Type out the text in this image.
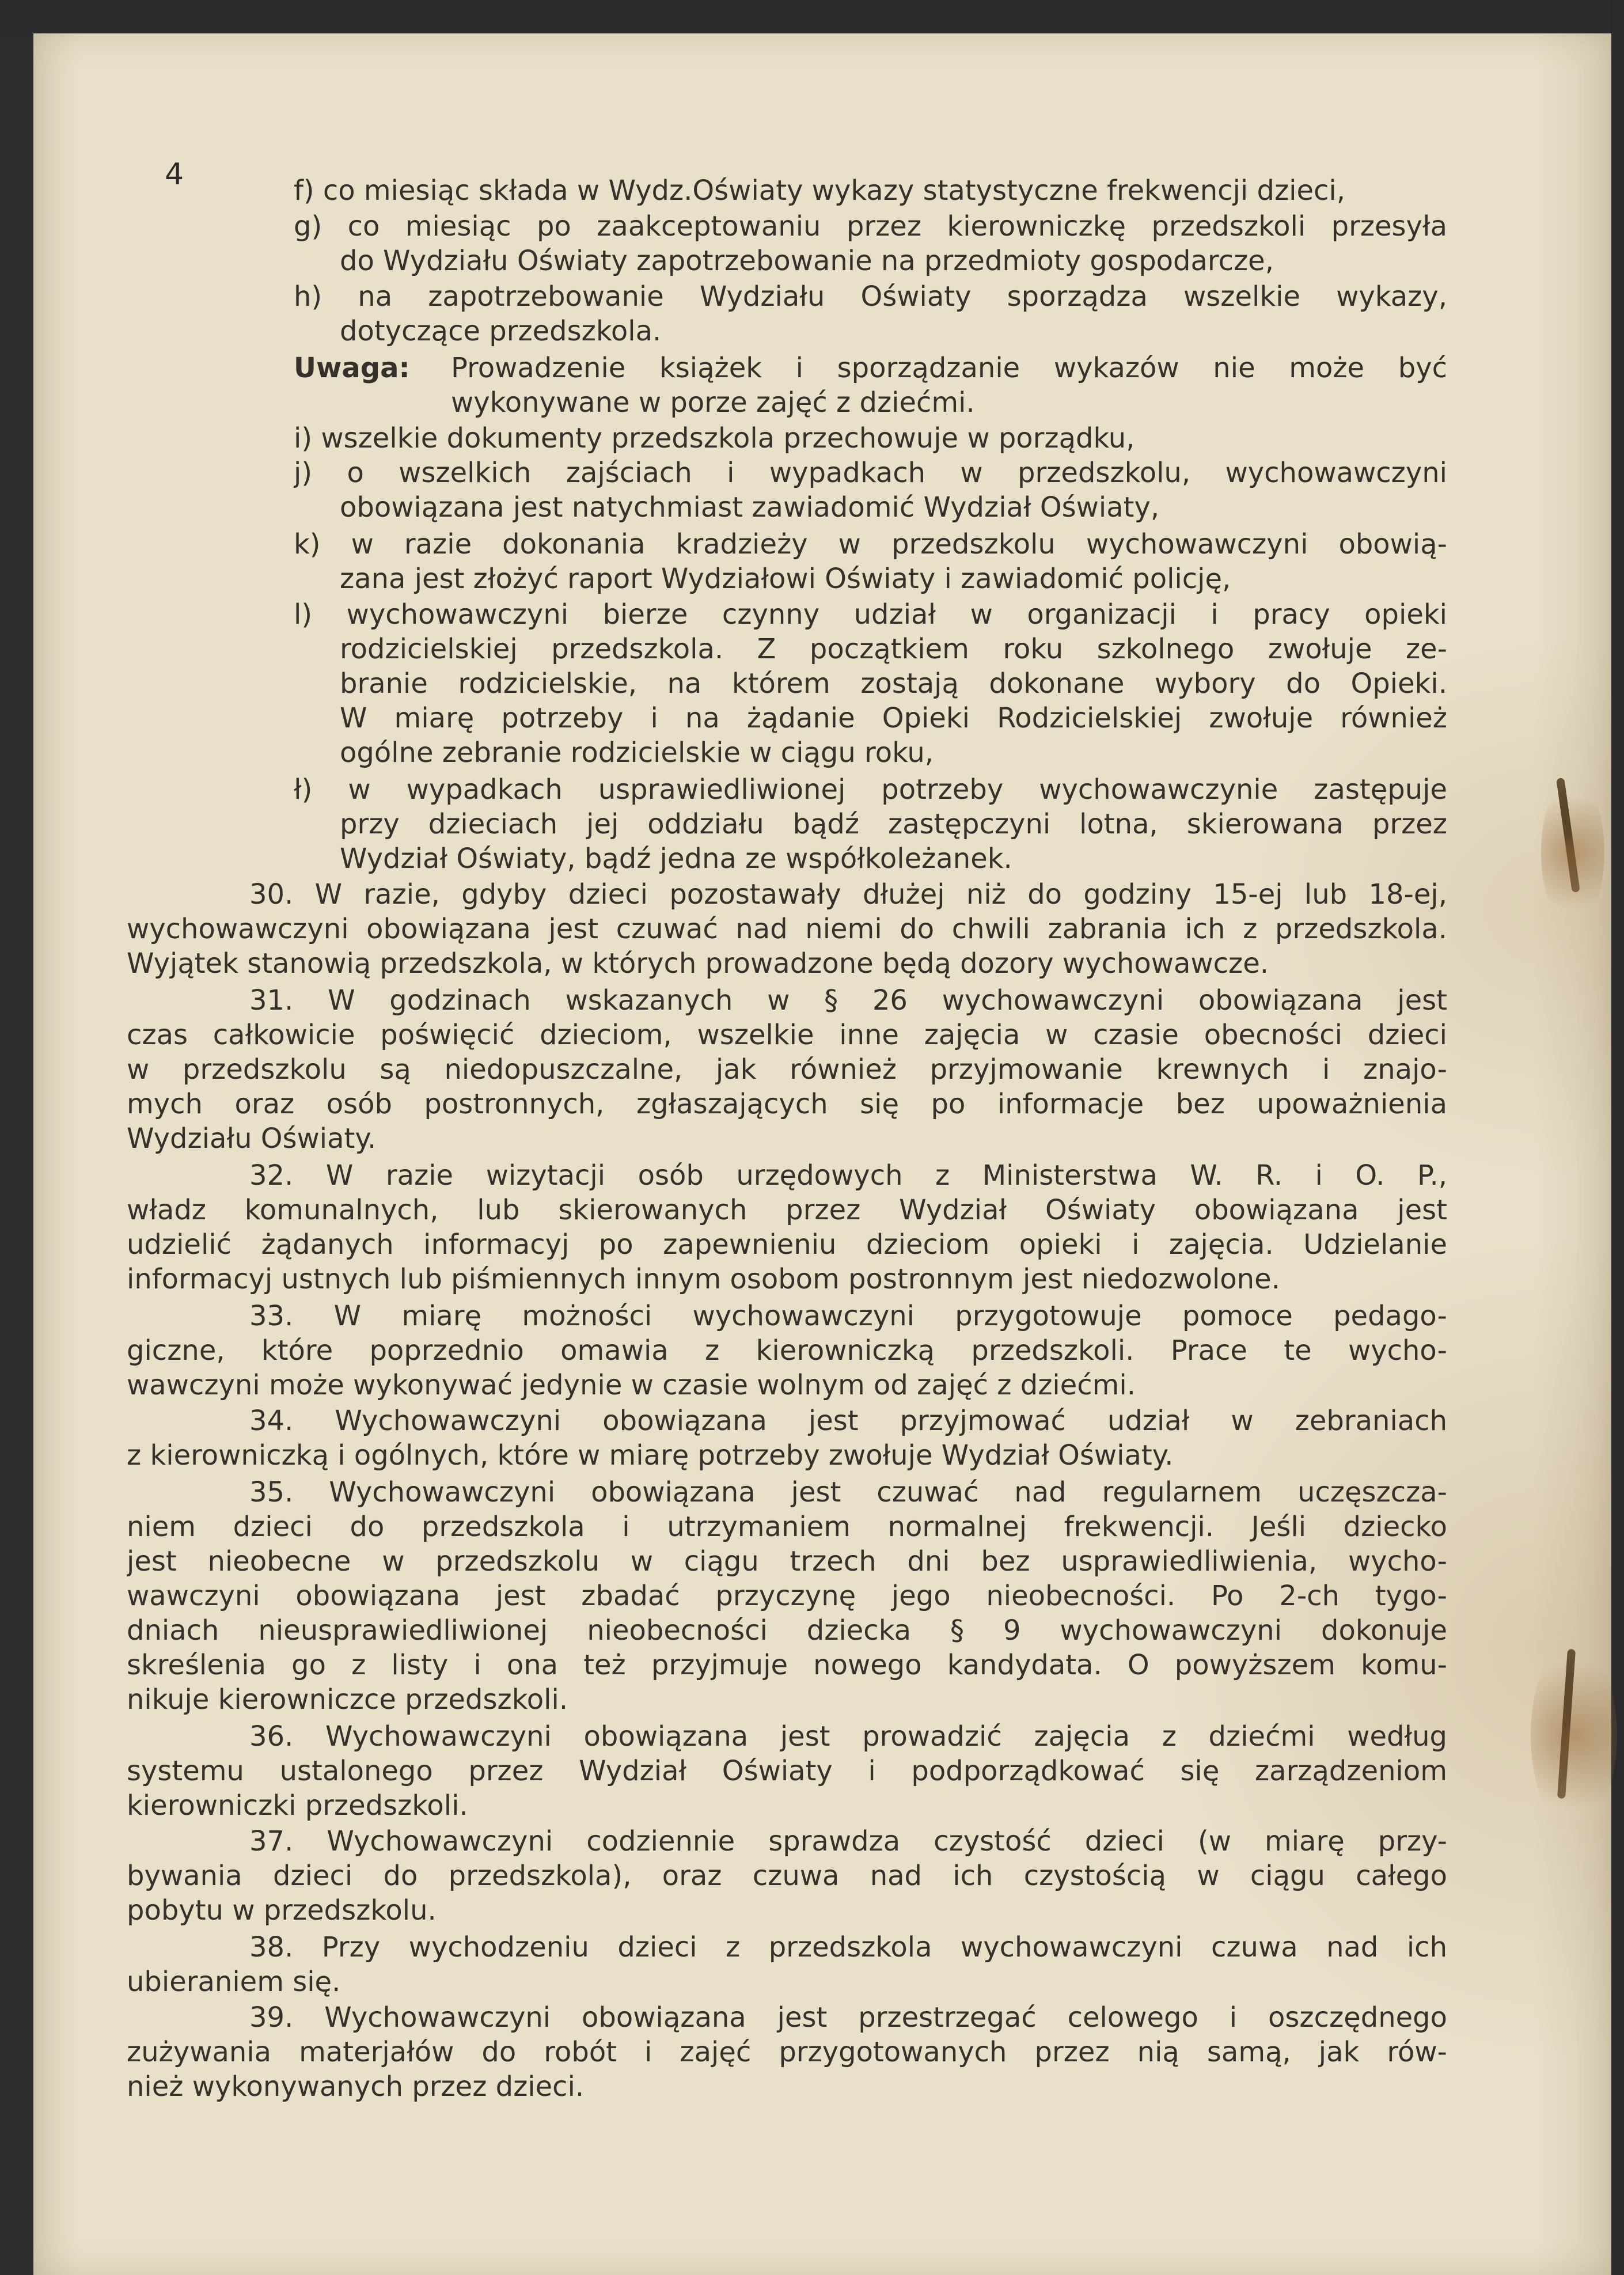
4	f) co miesiąc składa w Wydz.Oświaty wykazy statystyczne frekwencji dzieci,
g) co miesiąc po zaakceptowaniu przez kierowniczkę przedszkoli przesyła
do Wydziału Oświaty zapotrzebowanie na przedmioty gospodarcze,
h) na zapotrzebowanie Wydziału Oświaty sporządza wszelkie wykazy,
dotyczące przedszkola.
Uwaga: Prowadzenie książek i sporządzanie wykazów nie może być
wykonywane w porze zajęć z dziećmi.
i) wszelkie dokumenty przedszkola przechowuje w porządku,
j) o wszelkich zajściach i wypadkach w przedszkolu, wychowawczyni
obowiązana jest natychmiast zawiadomić Wydział Oświaty,
k) w razie dokonania kradzieży w przedszkolu wychowawczyni obowią-
zana jest złożyć raport Wydziałowi Oświaty i zawiadomić policję,
l) wychowawczyni bierze czynny udział w organizacji i pracy opieki
rodzicielskiej przedszkola. Z początkiem roku szkolnego zwołuje ze-
branie rodzicielskie, na którem zostają dokonane wybory do Opieki.
W miarę potrzeby i na żądanie Opieki Rodzicielskiej zwołuje również
ogólne zebranie rodzicielskie w ciągu roku,
ł) w wypadkach usprawiedliwionej potrzeby wychowawczynie zastępuje
przy dzieciach jej oddziału bądź zastępczyni lotna, skierowana przez
Wydział Oświaty, bądź jedna ze współkoleżanek.
30. W razie, gdyby dzieci pozostawały dłużej niż do godziny 15-ej lub 18-ej,
wychowawczyni obowiązana jest czuwać nad niemi do chwili zabrania ich z przedszkola.
Wyjątek stanowią przedszkola, w których prowadzone będą dozory wychowawcze.
31. W godzinach wskazanych w § 26 wychowawczyni obowiązana jest
czas całkowicie poświęcić dzieciom, wszelkie inne zajęcia w czasie obecności dzieci
w przedszkolu są niedopuszczalne, jak również przyjmowanie krewnych i znajo-
mych oraz osób postronnych, zgłaszających się po informacje bez upoważnienia
Wydziału Oświaty.
32. W razie wizytacji osób urzędowych z Ministerstwa W. R. i O. P.,
władz komunalnych, lub skierowanych przez Wydział Oświaty obowiązana jest
udzielić żądanych informacyj po zapewnieniu dzieciom opieki i zajęcia. Udzielanie
informacyj ustnych lub piśmiennych innym osobom postronnym jest niedozwolone.
33. W miarę możności wychowawczyni przygotowuje pomoce pedago-
giczne, które poprzednio omawia z kierowniczką przedszkoli. Prace te wycho-
wawczyni może wykonywać jedynie w czasie wolnym od zajęć z dziećmi.
34. Wychowawczyni obowiązana jest przyjmować udział w zebraniach
z kierowniczką i ogólnych, które w miarę potrzeby zwołuje Wydział Oświaty.
35. Wychowawczyni obowiązana jest czuwać nad regularnem uczęszcza-
niem dzieci do przedszkola i utrzymaniem normalnej frekwencji. Jeśli dziecko
jest nieobecne w przedszkolu w ciągu trzech dni bez usprawiedliwienia, wycho-
wawczyni obowiązana jest zbadać przyczynę jego nieobecności. Po 2-ch tygo-
dniach nieusprawiedliwionej nieobecności dziecka § 9 wychowawczyni dokonuje
skreślenia go z listy i ona też przyjmuje nowego kandydata. O powyższem komu-
nikuje kierowniczce przedszkoli.
36. Wychowawczyni obowiązana jest prowadzić zajęcia z dziećmi według
systemu ustalonego przez Wydział Oświaty i podporządkować się zarządzeniom
kierowniczki przedszkoli.
37. Wychowawczyni codziennie sprawdza czystość dzieci (w miarę przy-
bywania dzieci do przedszkola), oraz czuwa nad ich czystością w ciągu całego
pobytu w przedszkolu.
38. Przy wychodzeniu dzieci z przedszkola wychowawczyni czuwa nad ich
ubieraniem się.
39. Wychowawczyni obowiązana jest przestrzegać celowego i oszczędnego
zużywania materjałów do robót i zajęć przygotowanych przez nią samą, jak rów-
nież wykonywanych przez dzieci.
